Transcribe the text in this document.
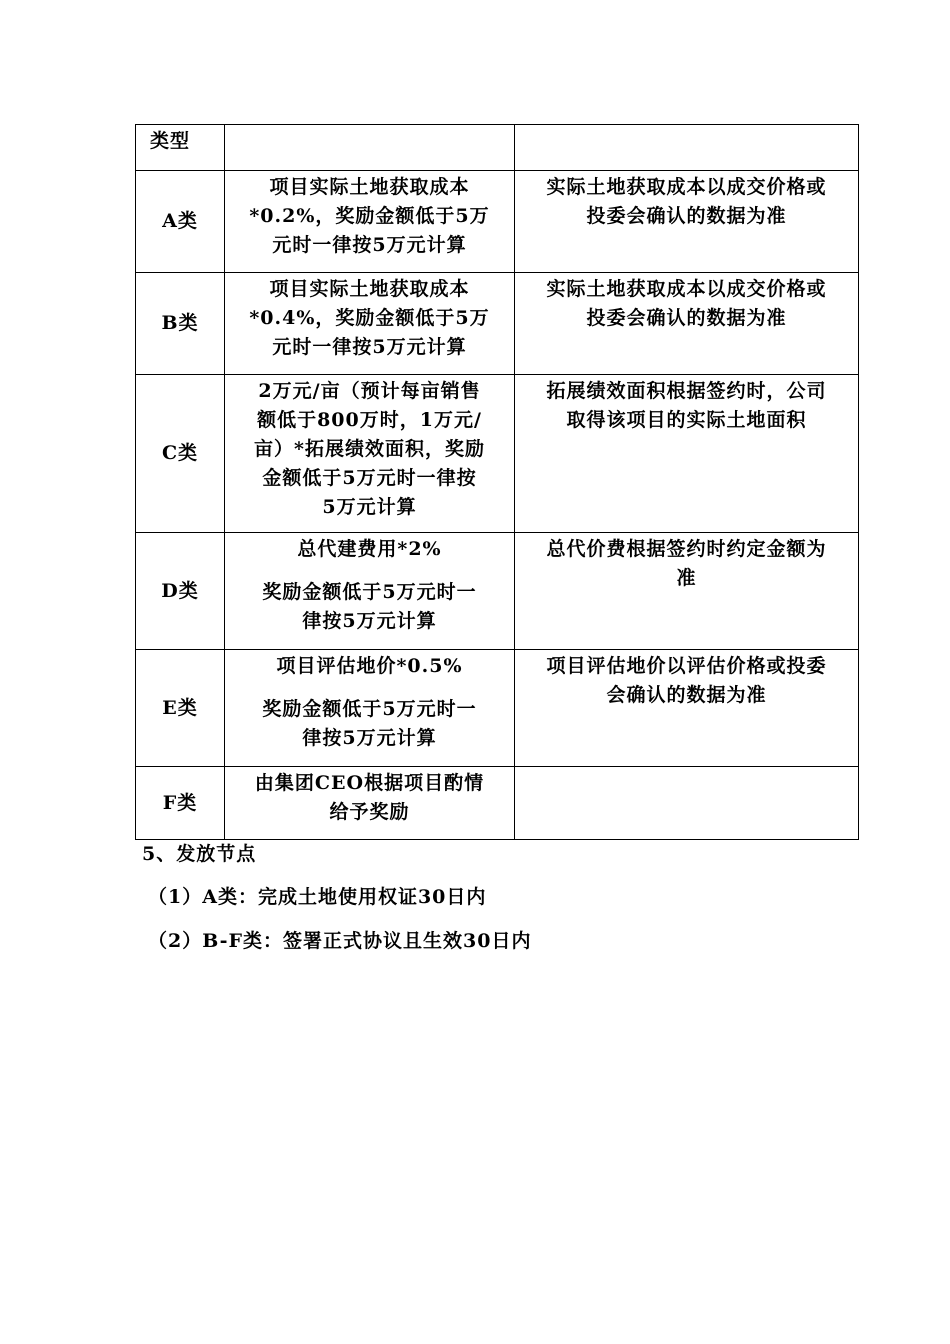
类型		
A类	项目实际土地获取成本
*0.2%，奖励金额低于5万
元时一律按5万元计算	实际土地获取成本以成交价格或
投委会确认的数据为准

B类	项目实际土地获取成本
*0.4%，奖励金额低于5万
元时一律按5万元计算	实际土地获取成本以成交价格或
投委会确认的数据为准

C类	2万元/亩（预计每亩销售
额低于800万时，1万元/
亩）*拓展绩效面积，奖励
金额低于5万元时一律按
5万元计算	拓展绩效面积根据签约时，公司
取得该项目的实际土地面积

D类	总代建费用*2%
奖励金额低于5万元时一
律按5万元计算	总代价费根据签约时约定金额为
准

E类	项目评估地价*0.5%
奖励金额低于5万元时一
律按5万元计算	项目评估地价以评估价格或投委
会确认的数据为准

F类	由集团CEO根据项目酌情
给予奖励	

5、发放节点
（1）A类：完成土地使用权证30日内
（2）B-F类：签署正式协议且生效30日内
